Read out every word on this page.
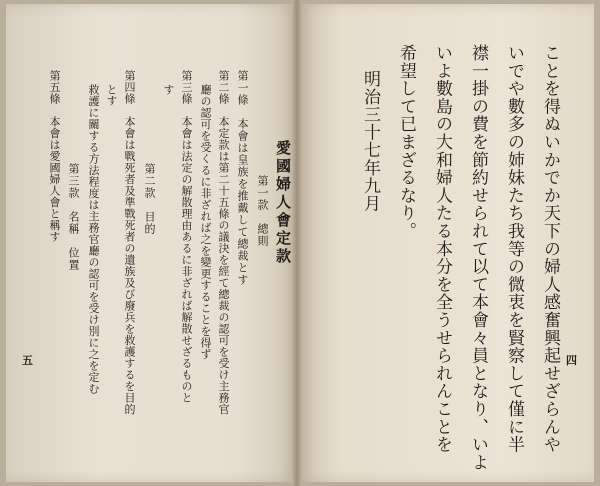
四
ことを得ぬいかでか天下の婦人感奮興起せざらんや
いでや數多の姉妹たち我等の微衷を賢察して僅に半
襟一掛の費を節約せられて以て本會々員となり、いよ
いよ數島の大和婦人たる本分を全うせられんことを
希望して已まざるなり。
明治三十七年九月
愛國婦人會定款
第一款　總則
第一條　本會は皇族を推戴して總裁とす
第二條　本定款は第二十五條の議決を經て總裁の認可を受け主務官
廳の認可を受くるに非ざれば之を變更することを得ず
第三條　本會は法定の解散理由あるに非ざれば解散せざるものと
す
第二款　目的
第四條　本會は戰死者及準戰死者の遺族及び廢兵を救護するを目的
とす
救護に關する方法程度は主務官廳の認可を受け別に之を定む
第三款　名稱　位置
第五條　本會は愛國婦人會と稱す
五
